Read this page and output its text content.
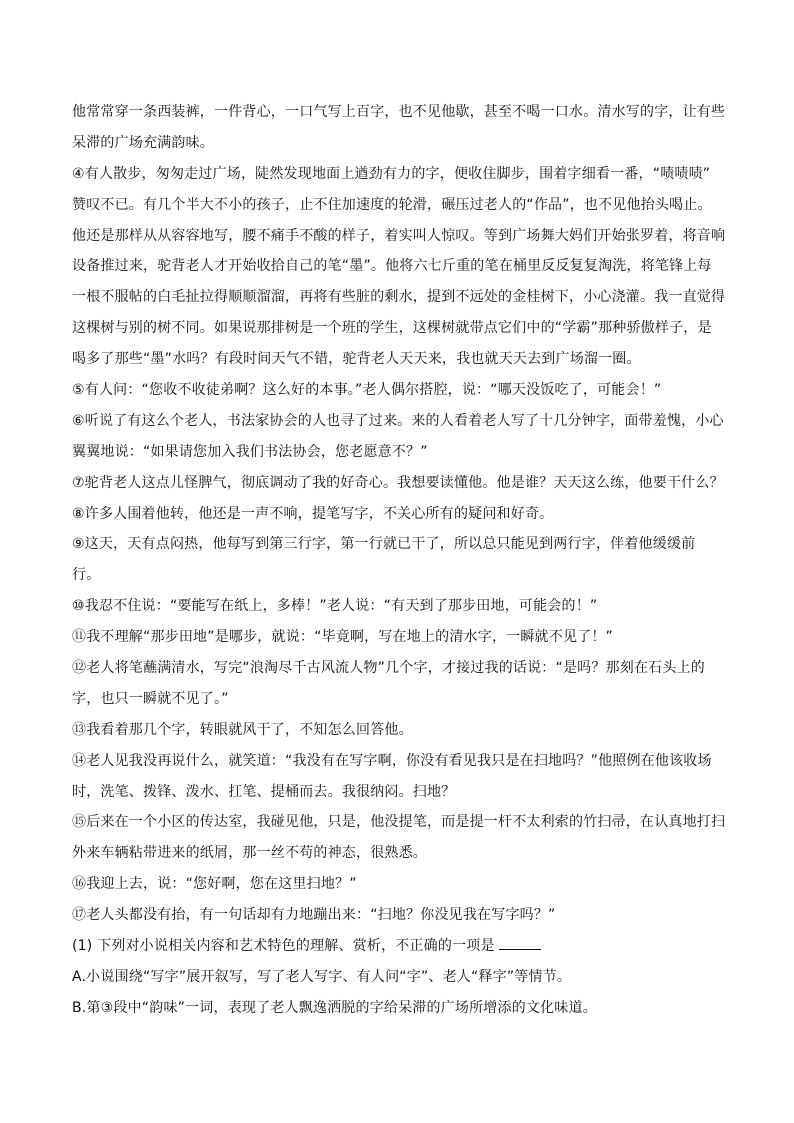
他常常穿一条西装裤，一件背心，一口气写上百字，也不见他歇，甚至不喝一口水。清水写的字，让有些
呆滞的广场充满韵味。
④有人散步，匆匆走过广场，陡然发现地面上遒劲有力的字，便收住脚步，围着字细看一番，“啧啧啧”
赞叹不已。有几个半大不小的孩子，止不住加速度的轮滑，碾压过老人的“作品”，也不见他抬头喝止。
他还是那样从从容容地写，腰不痛手不酸的样子，着实叫人惊叹。等到广场舞大妈们开始张罗着，将音响
设备推过来，驼背老人才开始收拾自己的笔“墨”。他将六七斤重的笔在桶里反反复复淘洗，将笔锋上每
一根不服帖的白毛扯拉得顺顺溜溜，再将有些脏的剩水，提到不远处的金桂树下，小心浇灌。我一直觉得
这棵树与别的树不同。如果说那排树是一个班的学生，这棵树就带点它们中的“学霸”那种骄傲样子，是
喝多了那些“墨”水吗？有段时间天气不错，驼背老人天天来，我也就天天去到广场溜一圈。
⑤有人问：“您收不收徒弟啊？这么好的本事。”老人偶尔搭腔，说：“哪天没饭吃了，可能会！”
⑥听说了有这么个老人，书法家协会的人也寻了过来。来的人看着老人写了十几分钟字，面带羞愧，小心
翼翼地说：“如果请您加入我们书法协会，您老愿意不？”
⑦驼背老人这点儿怪脾气，彻底调动了我的好奇心。我想要读懂他。他是谁？天天这么练，他要干什么？
⑧许多人围着他转，他还是一声不响，提笔写字，不关心所有的疑问和好奇。
⑨这天，天有点闷热，他每写到第三行字，第一行就已干了，所以总只能见到两行字，伴着他缓缓前
行。
⑩我忍不住说：“要能写在纸上，多棒！”老人说：“有天到了那步田地，可能会的！”
⑪我不理解“那步田地”是哪步，就说：“毕竟啊，写在地上的清水字，一瞬就不见了！”
⑫老人将笔蘸满清水，写完“浪淘尽千古风流人物”几个字，才接过我的话说：“是吗？那刻在石头上的
字，也只一瞬就不见了。”
⑬我看着那几个字，转眼就风干了，不知怎么回答他。
⑭老人见我没再说什么，就笑道：“我没有在写字啊，你没有看见我只是在扫地吗？”他照例在他该收场
时，洗笔、拨锋、泼水、扛笔、提桶而去。我很纳闷。扫地？
⑮后来在一个小区的传达室，我碰见他，只是，他没提笔，而是提一杆不太利索的竹扫帚，在认真地打扫
外来车辆粘带进来的纸屑，那一丝不苟的神态，很熟悉。
⑯我迎上去，说：“您好啊，您在这里扫地？”
⑰老人头都没有抬，有一句话却有力地蹦出来：“扫地？你没见我在写字吗？”
(1) 下列对小说相关内容和艺术特色的理解、赏析，不正确的一项是
A.小说围绕“写字”展开叙写，写了老人写字、有人问“字”、老人“释字”等情节。
B.第③段中“韵味”一词，表现了老人飘逸洒脱的字给呆滞的广场所增添的文化味道。
